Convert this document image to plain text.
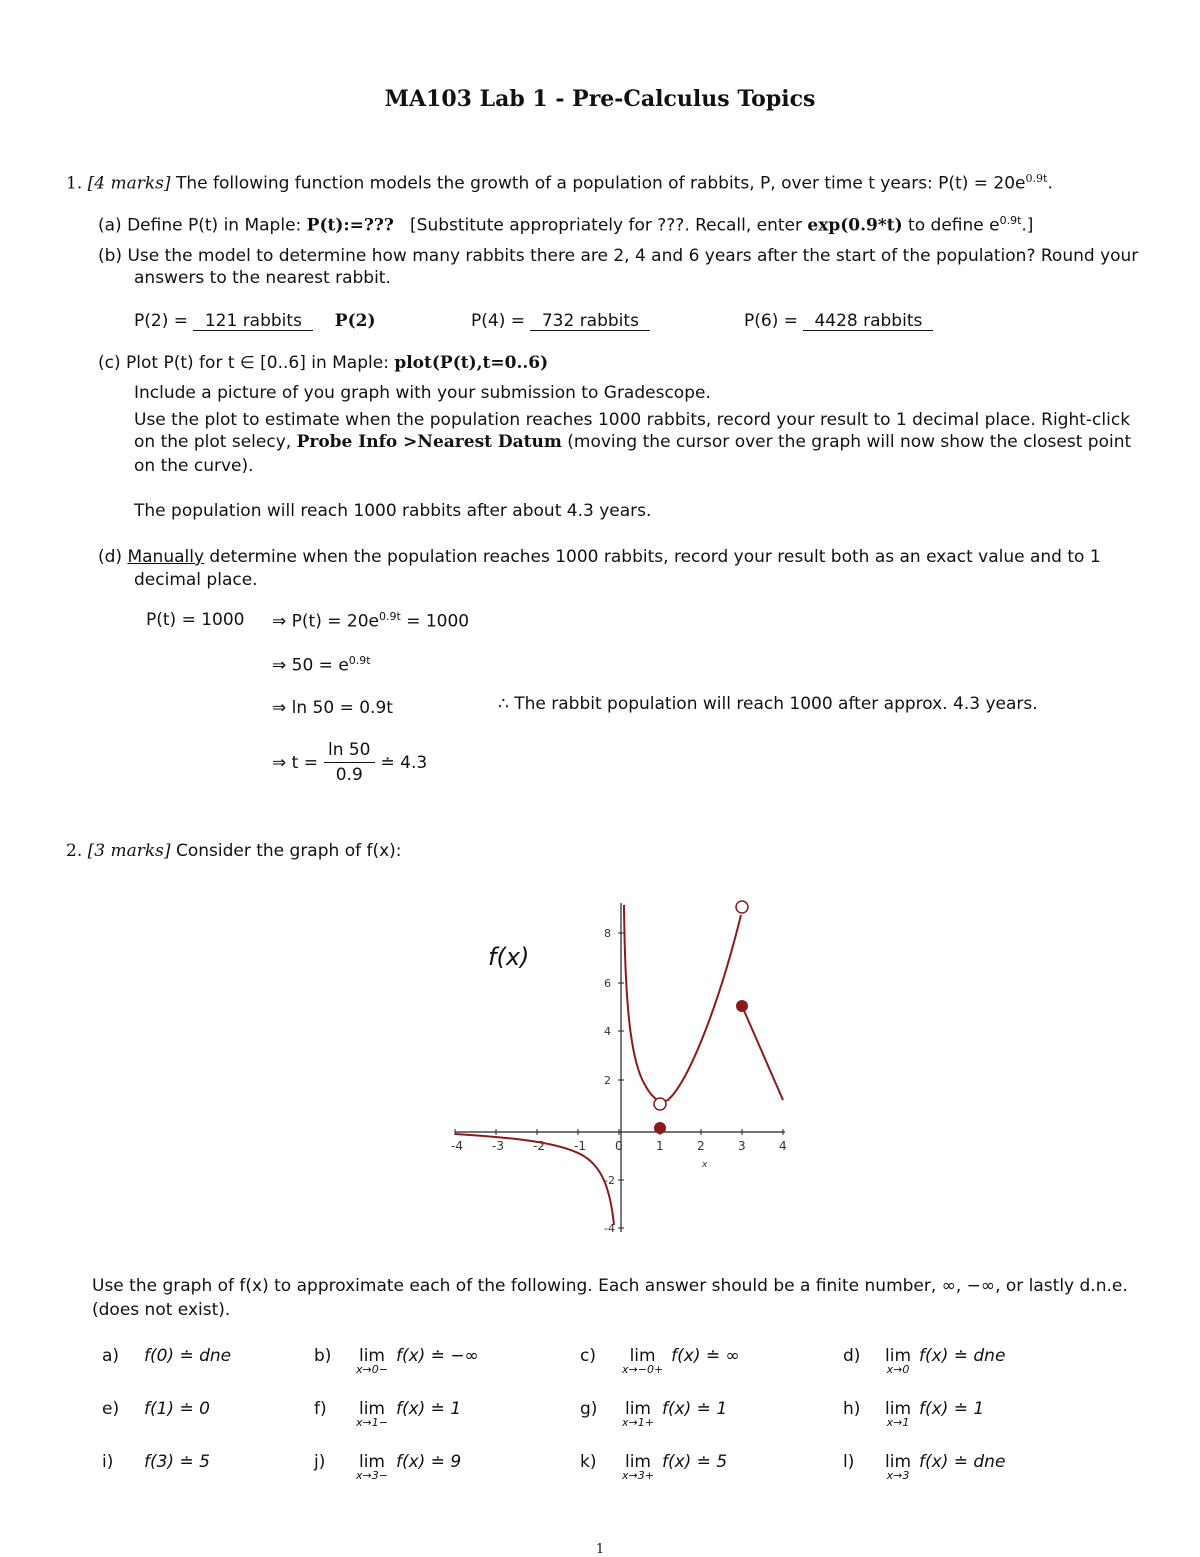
MA103 Lab 1 - Pre-Calculus Topics
1. [4 marks] The following function models the growth of a population of rabbits, P, over time t years: $P(t) = 20e^{0.9t}$.
(a) Define P(t) in Maple: P(t):=??? [Substitute appropriately for ???. Recall, enter exp(0.9*t) to define $e^{0.9t}$.]
(b) Use the model to determine how many rabbits there are 2, 4 and 6 years after the start of the population? Round your
answers to the nearest rabbit.
P(2) = 121 rabbits P(2)	P(4) = 732 rabbits	P(6) = 4428 rabbits
(c) Plot P(t) for t ∈ [0..6] in Maple: plot(P(t),t=0..6)
Include a picture of you graph with your submission to Gradescope.
Use the plot to estimate when the population reaches 1000 rabbits, record your result to 1 decimal place. Right-click
on the plot selecy, Probe Info >Nearest Datum (moving the cursor over the graph will now show the closest point
on the curve).
The population will reach 1000 rabbits after about 4.3 years.
(d) Manually determine when the population reaches 1000 rabbits, record your result both as an exact value and to 1
decimal place.
P(t) = 1000 ⇒ $P(t) = 20e^{0.9t} = 1000$
⇒ $50 = e^{0.9t}$
⇒ ln 50 = 0.9t	∴ The rabbit population will reach 1000 after approx. 4.3 years.
⇒ $t = \frac{\ln 50}{0.9}$ ≐ 4.3
2. [3 marks] Consider the graph of f(x):
-4 -3 -2 -1 0	1	2	3	4
8
6
4
2
-2
-4
x
f(x)
Use the graph of f(x) to approximate each of the following. Each answer should be a finite number, ∞, −∞, or lastly d.n.e.
(does not exist).
a) f(0) ≐ dne	b) lim
x→0−
f(x) ≐ −∞	c) lim
x→−0+
f(x) ≐ ∞	d) lim
x→0
f(x) ≐ dne
e) f(1) ≐ 0	f) lim
x→1−
f(x) ≐ 1	g) lim
x→1+
f(x) ≐ 1	h) lim
x→1
f(x) ≐ 1
i) f(3) ≐ 5	j) lim
x→3−
f(x) ≐ 9	k) lim
x→3+
f(x) ≐ 5	l) lim
x→3
f(x) ≐ dne
1
